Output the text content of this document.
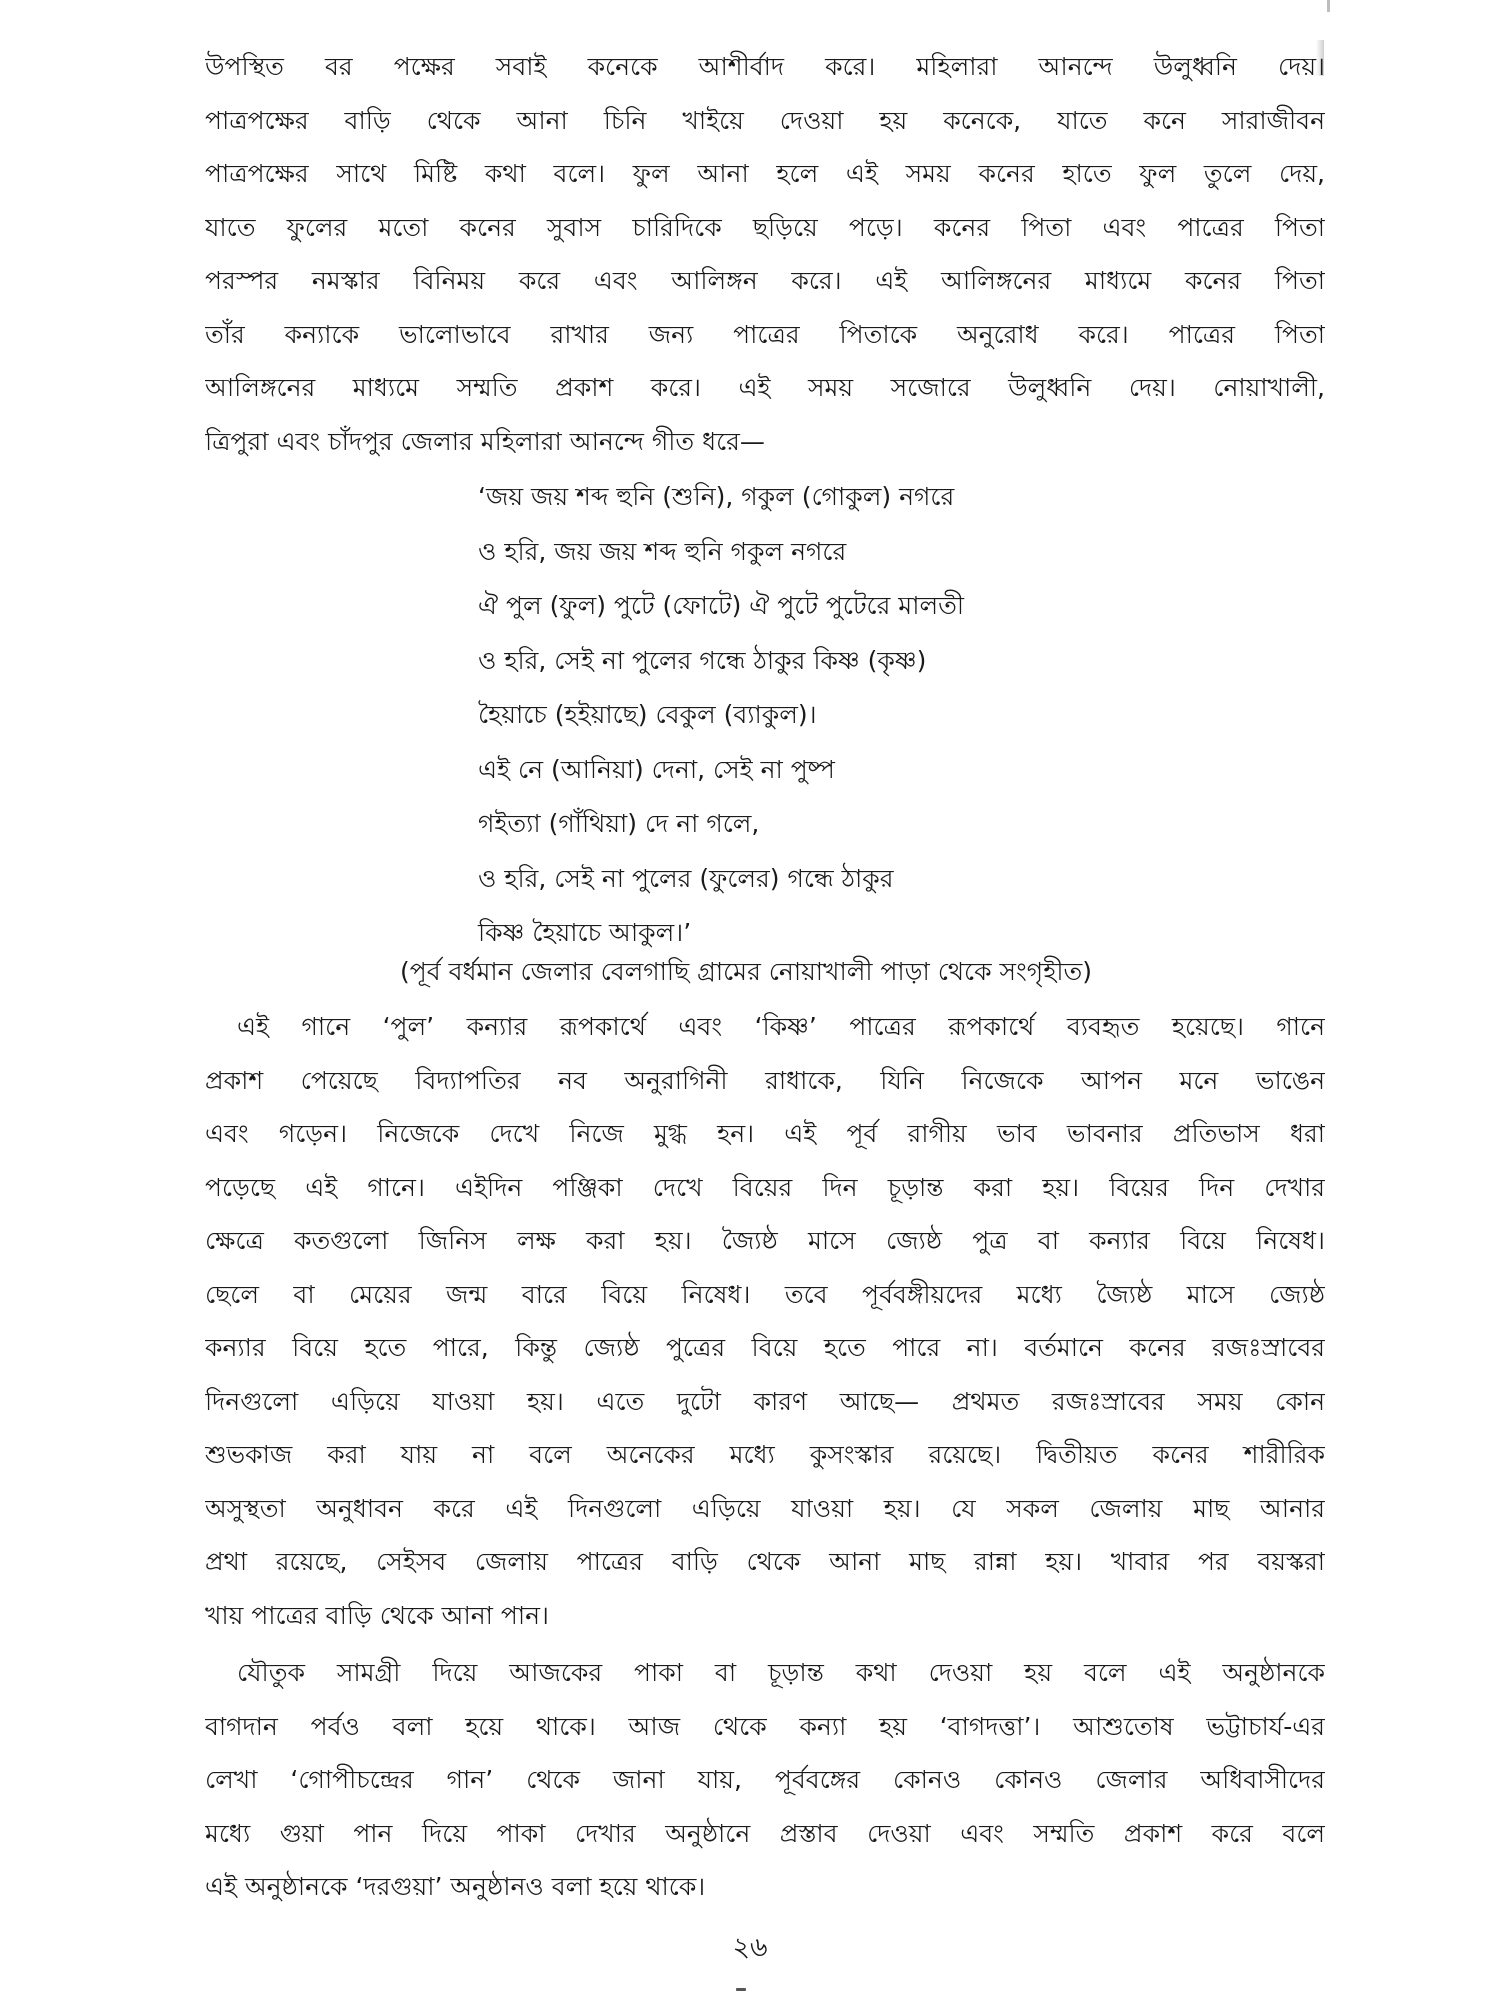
উপস্থিত বর পক্ষের সবাই কনেকে আশীর্বাদ করে। মহিলারা আনন্দে উলুধ্বনি দেয়।
পাত্রপক্ষের বাড়ি থেকে আনা চিনি খাইয়ে দেওয়া হয় কনেকে, যাতে কনে সারাজীবন
পাত্রপক্ষের সাথে মিষ্টি কথা বলে। ফুল আনা হলে এই সময় কনের হাতে ফুল তুলে দেয়,
যাতে ফুলের মতো কনের সুবাস চারিদিকে ছড়িয়ে পড়ে। কনের পিতা এবং পাত্রের পিতা
পরস্পর নমস্কার বিনিময় করে এবং আলিঙ্গন করে। এই আলিঙ্গনের মাধ্যমে কনের পিতা
তাঁর কন্যাকে ভালোভাবে রাখার জন্য পাত্রের পিতাকে অনুরোধ করে। পাত্রের পিতা
আলিঙ্গনের মাধ্যমে সম্মতি প্রকাশ করে। এই সময় সজোরে উলুধ্বনি দেয়। নোয়াখালী,
ত্রিপুরা এবং চাঁদপুর জেলার মহিলারা আনন্দে গীত ধরে—
‘জয় জয় শব্দ হুনি (শুনি), গকুল (গোকুল) নগরে
ও হরি, জয় জয় শব্দ হুনি গকুল নগরে
ঐ পুল (ফুল) পুটে (ফোটে) ঐ পুটে পুটেরে মালতী
ও হরি, সেই না পুলের গন্ধে ঠাকুর কিষ্ণ (কৃষ্ণ)
হৈয়াচে (হইয়াছে) বেকুল (ব্যাকুল)।
এই নে (আনিয়া) দেনা, সেই না পুষ্প
গইত্যা (গাঁথিয়া) দে না গলে,
ও হরি, সেই না পুলের (ফুলের) গন্ধে ঠাকুর
কিষ্ণ হৈয়াচে আকুল।’
(পূর্ব বর্ধমান জেলার বেলগাছি গ্রামের নোয়াখালী পাড়া থেকে সংগৃহীত)
এই গানে ‘পুল’ কন্যার রূপকার্থে এবং ‘কিষ্ণ’ পাত্রের রূপকার্থে ব্যবহৃত হয়েছে। গানে
প্রকাশ পেয়েছে বিদ্যাপতির নব অনুরাগিনী রাধাকে, যিনি নিজেকে আপন মনে ভাঙেন
এবং গড়েন। নিজেকে দেখে নিজে মুগ্ধ হন। এই পূর্ব রাগীয় ভাব ভাবনার প্রতিভাস ধরা
পড়েছে এই গানে। এইদিন পঞ্জিকা দেখে বিয়ের দিন চূড়ান্ত করা হয়। বিয়ের দিন দেখার
ক্ষেত্রে কতগুলো জিনিস লক্ষ করা হয়। জ্যৈষ্ঠ মাসে জ্যেষ্ঠ পুত্র বা কন্যার বিয়ে নিষেধ।
ছেলে বা মেয়ের জন্ম বারে বিয়ে নিষেধ। তবে পূর্ববঙ্গীয়দের মধ্যে জ্যৈষ্ঠ মাসে জ্যেষ্ঠ
কন্যার বিয়ে হতে পারে, কিন্তু জ্যেষ্ঠ পুত্রের বিয়ে হতে পারে না। বর্তমানে কনের রজঃস্রাবের
দিনগুলো এড়িয়ে যাওয়া হয়। এতে দুটো কারণ আছে— প্রথমত রজঃস্রাবের সময় কোন
শুভকাজ করা যায় না বলে অনেকের মধ্যে কুসংস্কার রয়েছে। দ্বিতীয়ত কনের শারীরিক
অসুস্থতা অনুধাবন করে এই দিনগুলো এড়িয়ে যাওয়া হয়। যে সকল জেলায় মাছ আনার
প্রথা রয়েছে, সেইসব জেলায় পাত্রের বাড়ি থেকে আনা মাছ রান্না হয়। খাবার পর বয়স্করা
খায় পাত্রের বাড়ি থেকে আনা পান।
যৌতুক সামগ্রী দিয়ে আজকের পাকা বা চূড়ান্ত কথা দেওয়া হয় বলে এই অনুষ্ঠানকে
বাগদান পর্বও বলা হয়ে থাকে। আজ থেকে কন্যা হয় ‘বাগদত্তা’। আশুতোষ ভট্টাচার্য-এর
লেখা ‘গোপীচন্দ্রের গান’ থেকে জানা যায়, পূর্ববঙ্গের কোনও কোনও জেলার অধিবাসীদের
মধ্যে গুয়া পান দিয়ে পাকা দেখার অনুষ্ঠানে প্রস্তাব দেওয়া এবং সম্মতি প্রকাশ করে বলে
এই অনুষ্ঠানকে ‘দরগুয়া’ অনুষ্ঠানও বলা হয়ে থাকে।
২৬
